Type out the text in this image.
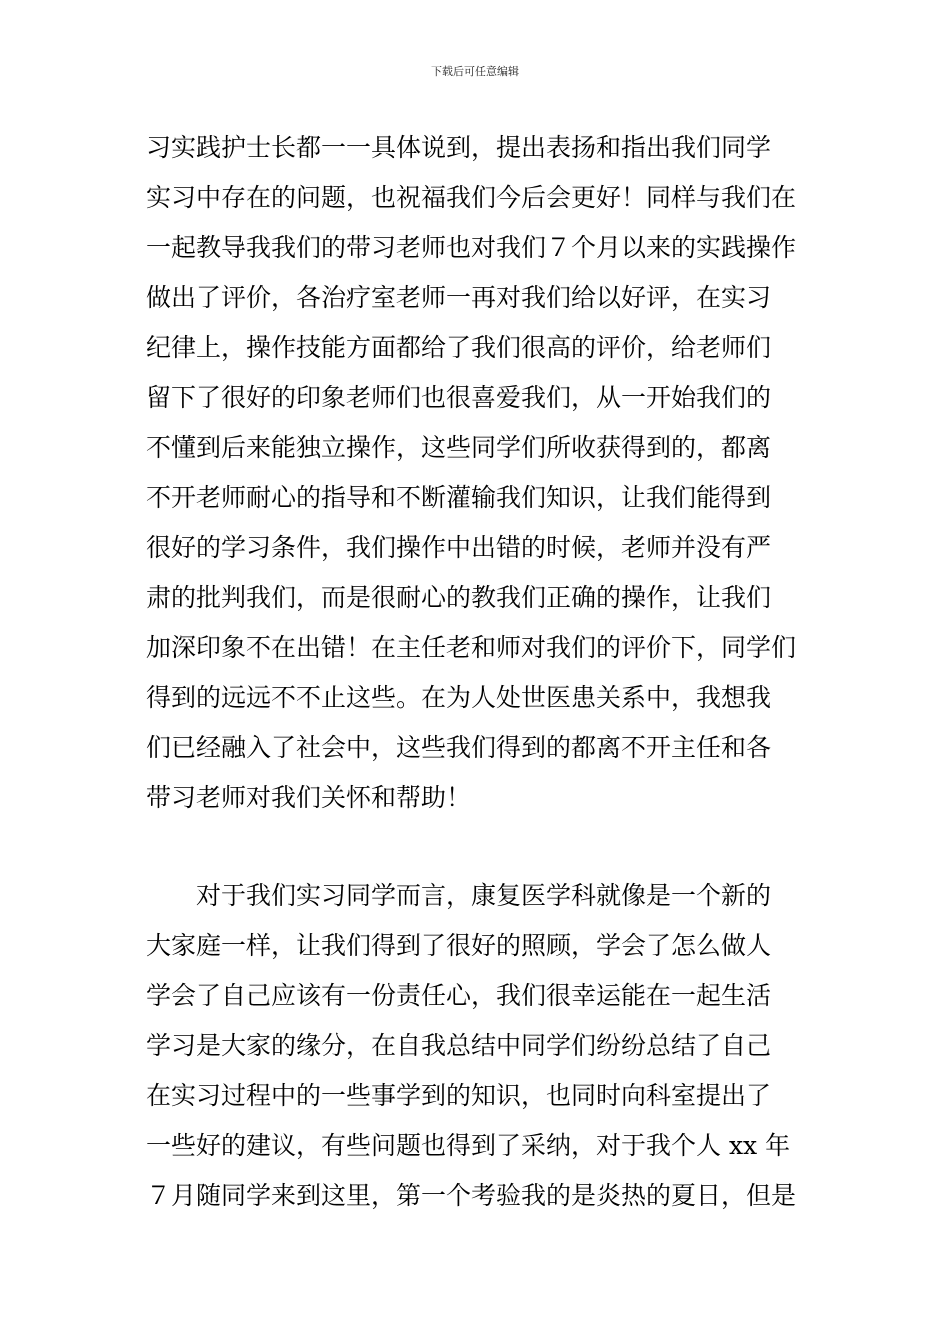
下载后可任意编辑
习实践护士长都一一具体说到，提出表扬和指出我们同学
实习中存在的问题，也祝福我们今后会更好！同样与我们在
一起教导我我们的带习老师也对我们７个月以来的实践操作
做出了评价，各治疗室老师一再对我们给以好评，在实习
纪律上，操作技能方面都给了我们很高的评价，给老师们
留下了很好的印象老师们也很喜爱我们，从一开始我们的
不懂到后来能独立操作，这些同学们所收获得到的，都离
不开老师耐心的指导和不断灌输我们知识，让我们能得到
很好的学习条件，我们操作中出错的时候，老师并没有严
肃的批判我们，而是很耐心的教我们正确的操作，让我们
加深印象不在出错！在主任老和师对我们的评价下，同学们
得到的远远不不止这些。在为人处世医患关系中，我想我
们已经融入了社会中，这些我们得到的都离不开主任和各
带习老师对我们关怀和帮助！
　　对于我们实习同学而言，康复医学科就像是一个新的
大家庭一样，让我们得到了很好的照顾，学会了怎么做人
学会了自己应该有一份责任心，我们很幸运能在一起生活
学习是大家的缘分，在自我总结中同学们纷纷总结了自己
在实习过程中的一些事学到的知识，也同时向科室提出了
一些好的建议，有些问题也得到了采纳，对于我个人 xx 年
７月随同学来到这里，第一个考验我的是炎热的夏日，但是
